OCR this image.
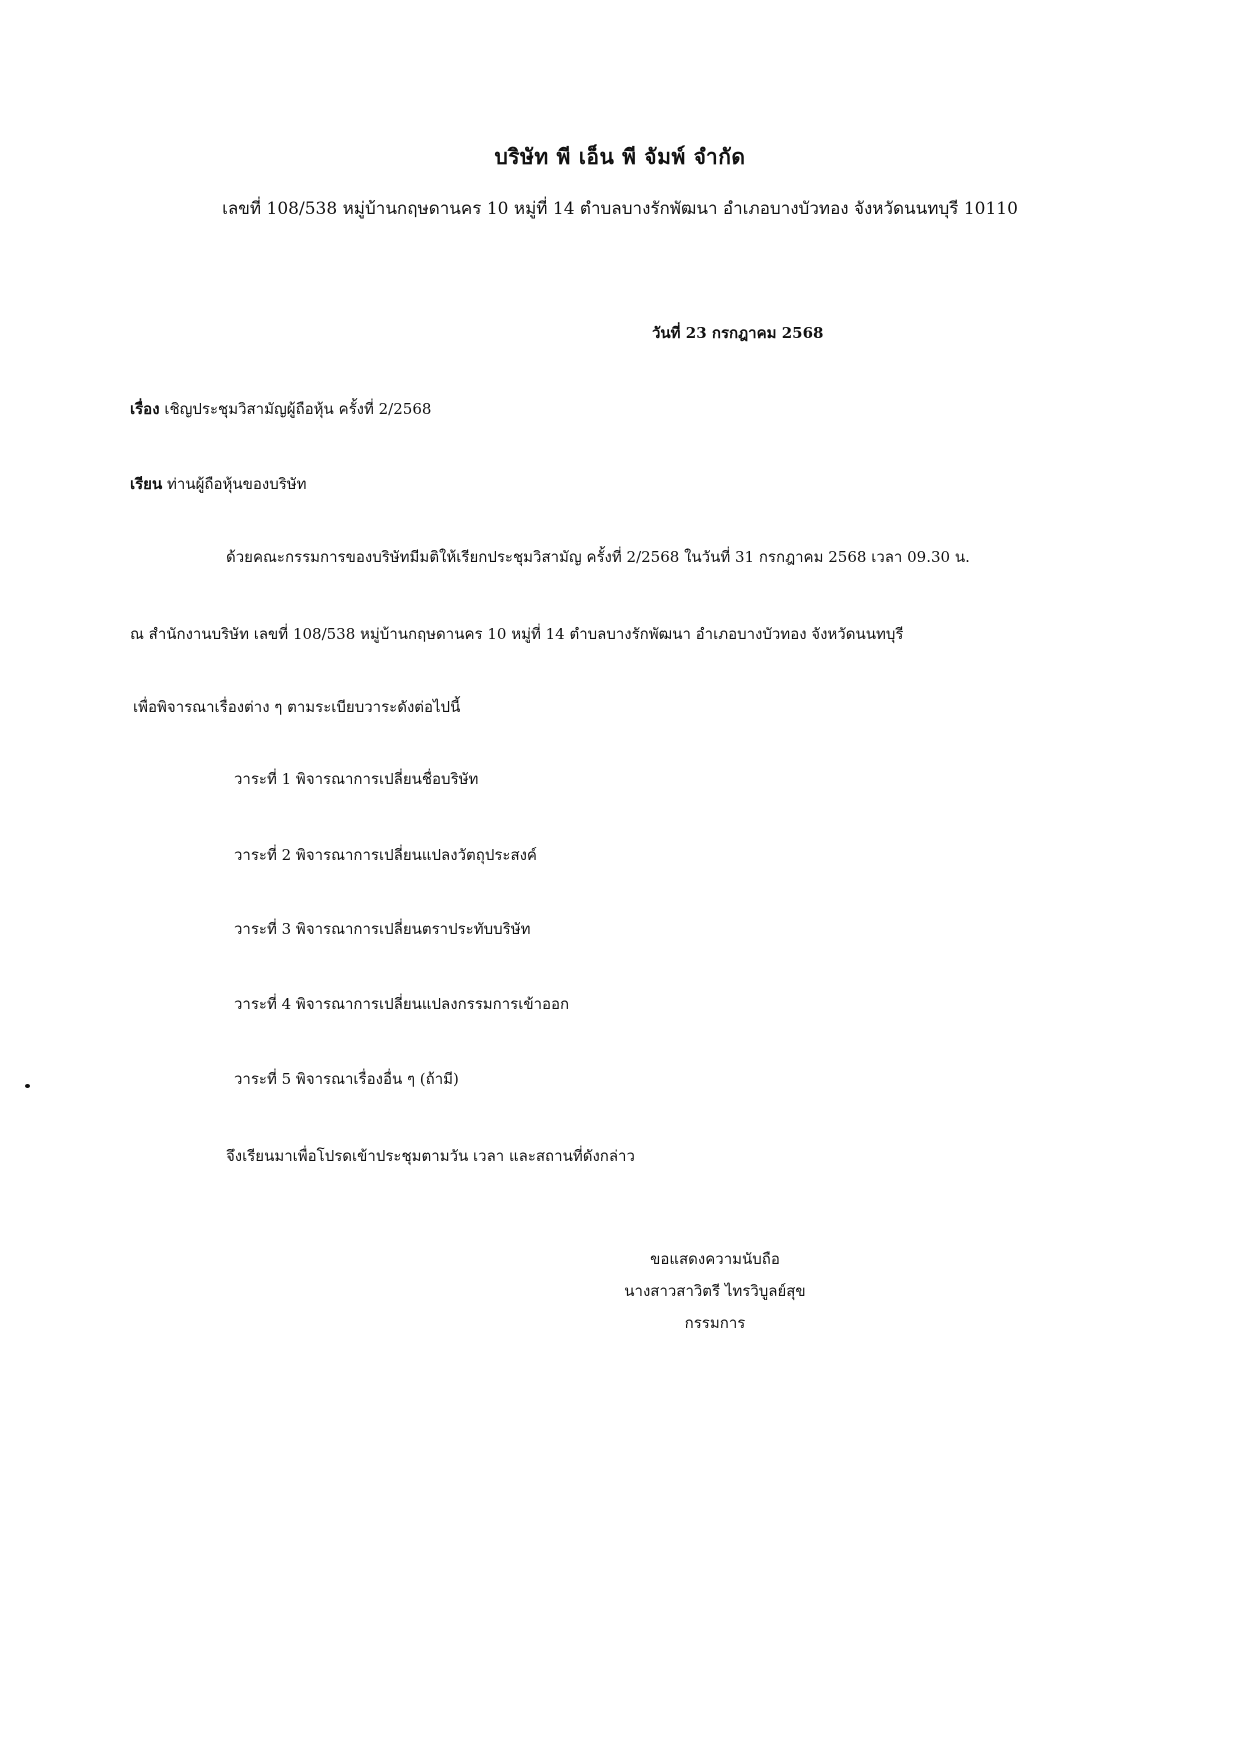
บริษัท พี เอ็น พี จัมพ์ จำกัด
เลขที่ 108/538 หมู่บ้านกฤษดานคร 10 หมู่ที่ 14 ตำบลบางรักพัฒนา อำเภอบางบัวทอง จังหวัดนนทบุรี 10110
วันที่ 23 กรกฎาคม 2568
เรื่อง เชิญประชุมวิสามัญผู้ถือหุ้น ครั้งที่ 2/2568
เรียน ท่านผู้ถือหุ้นของบริษัท
ด้วยคณะกรรมการของบริษัทมีมติให้เรียกประชุมวิสามัญ ครั้งที่ 2/2568 ในวันที่ 31 กรกฎาคม 2568 เวลา 09.30 น.
ณ สำนักงานบริษัท เลขที่ 108/538 หมู่บ้านกฤษดานคร 10 หมู่ที่ 14 ตำบลบางรักพัฒนา อำเภอบางบัวทอง จังหวัดนนทบุรี
เพื่อพิจารณาเรื่องต่าง ๆ ตามระเบียบวาระดังต่อไปนี้
วาระที่ 1 พิจารณาการเปลี่ยนชื่อบริษัท
วาระที่ 2 พิจารณาการเปลี่ยนแปลงวัตถุประสงค์
วาระที่ 3 พิจารณาการเปลี่ยนตราประทับบริษัท
วาระที่ 4 พิจารณาการเปลี่ยนแปลงกรรมการเข้าออก
วาระที่ 5 พิจารณาเรื่องอื่น ๆ (ถ้ามี)
จึงเรียนมาเพื่อโปรดเข้าประชุมตามวัน เวลา และสถานที่ดังกล่าว
ขอแสดงความนับถือ
นางสาวสาวิตรี ไทรวิบูลย์สุข
กรรมการ
